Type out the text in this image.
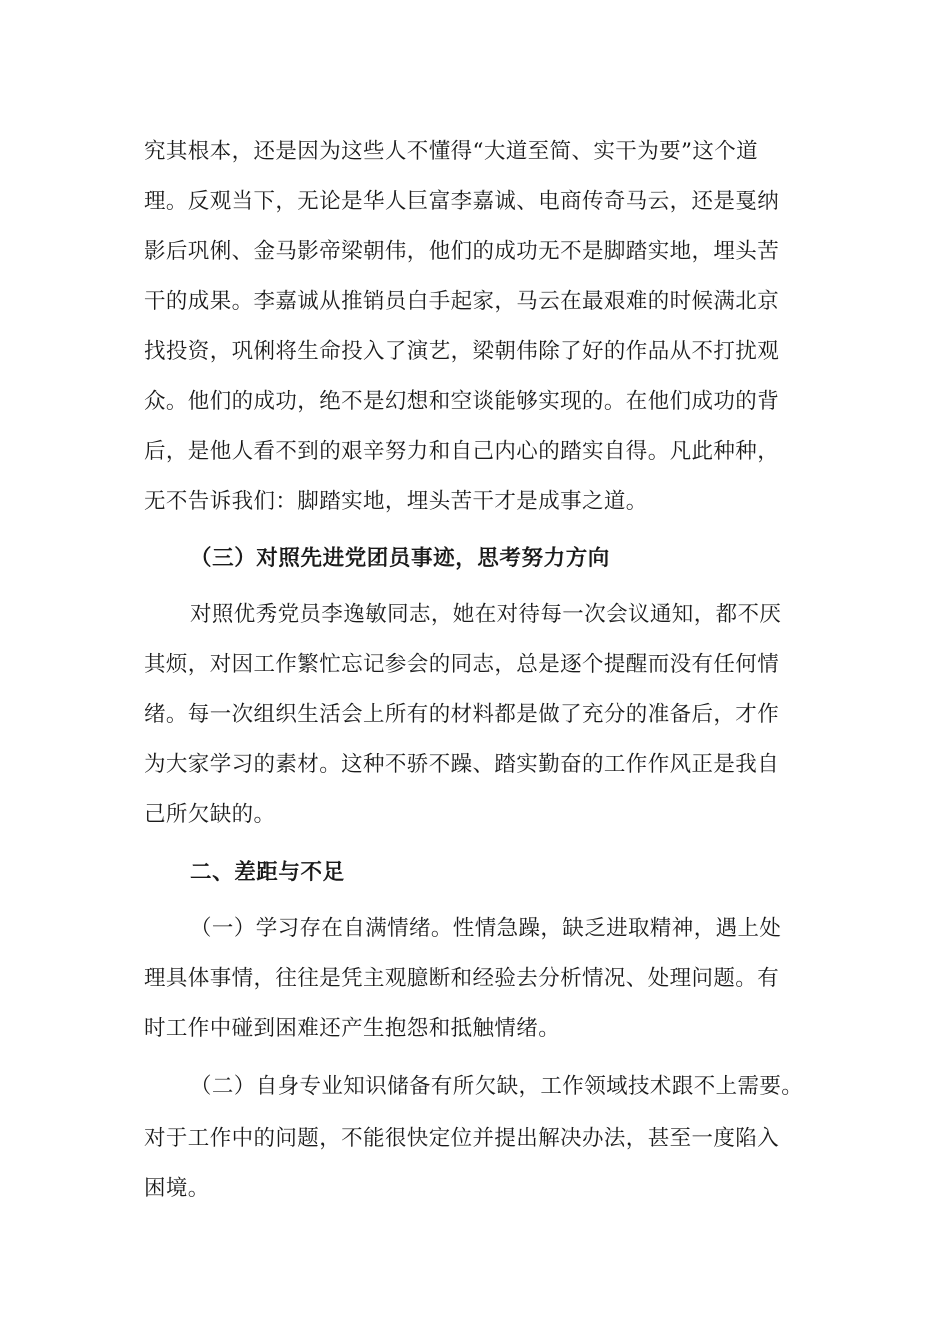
究其根本，还是因为这些人不懂得“大道至简、实干为要”这个道
理。反观当下，无论是华人巨富李嘉诚、电商传奇马云，还是戛纳
影后巩俐、金马影帝梁朝伟，他们的成功无不是脚踏实地，埋头苦
干的成果。李嘉诚从推销员白手起家，马云在最艰难的时候满北京
找投资，巩俐将生命投入了演艺，梁朝伟除了好的作品从不打扰观
众。他们的成功，绝不是幻想和空谈能够实现的。在他们成功的背
后，是他人看不到的艰辛努力和自己内心的踏实自得。凡此种种，
无不告诉我们：脚踏实地，埋头苦干才是成事之道。
（三）对照先进党团员事迹，思考努力方向
对照优秀党员李逸敏同志，她在对待每一次会议通知，都不厌
其烦，对因工作繁忙忘记参会的同志，总是逐个提醒而没有任何情
绪。每一次组织生活会上所有的材料都是做了充分的准备后，才作
为大家学习的素材。这种不骄不躁、踏实勤奋的工作作风正是我自
己所欠缺的。
二、差距与不足
（一）学习存在自满情绪。性情急躁，缺乏进取精神，遇上处
理具体事情，往往是凭主观臆断和经验去分析情况、处理问题。有
时工作中碰到困难还产生抱怨和抵触情绪。
（二）自身专业知识储备有所欠缺，工作领域技术跟不上需要。
对于工作中的问题，不能很快定位并提出解决办法，甚至一度陷入
困境。
